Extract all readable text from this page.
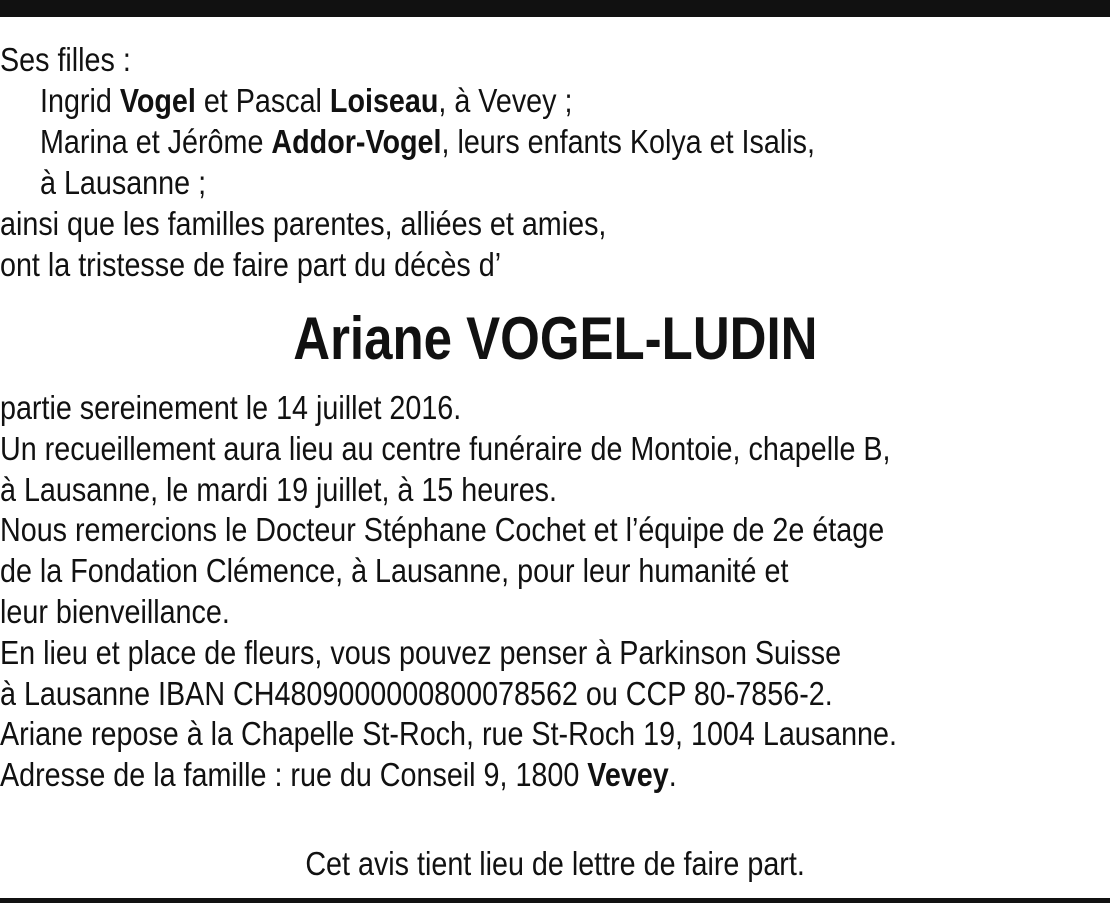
Ses filles :
Ingrid Vogel et Pascal Loiseau, à Vevey ;
Marina et Jérôme Addor-Vogel, leurs enfants Kolya et Isalis,
à Lausanne ;
ainsi que les familles parentes, alliées et amies,
ont la tristesse de faire part du décès d’
Ariane VOGEL-LUDIN
partie sereinement le 14 juillet 2016.
Un recueillement aura lieu au centre funéraire de Montoie, chapelle B,
à Lausanne, le mardi 19 juillet, à 15 heures.
Nous remercions le Docteur Stéphane Cochet et l’équipe de 2e étage
de la Fondation Clémence, à Lausanne, pour leur humanité et
leur bienveillance.
En lieu et place de fleurs, vous pouvez penser à Parkinson Suisse
à Lausanne IBAN CH4809000000800078562 ou CCP 80-7856-2.
Ariane repose à la Chapelle St-Roch, rue St-Roch 19, 1004 Lausanne.
Adresse de la famille : rue du Conseil 9, 1800 Vevey.
Cet avis tient lieu de lettre de faire part.
